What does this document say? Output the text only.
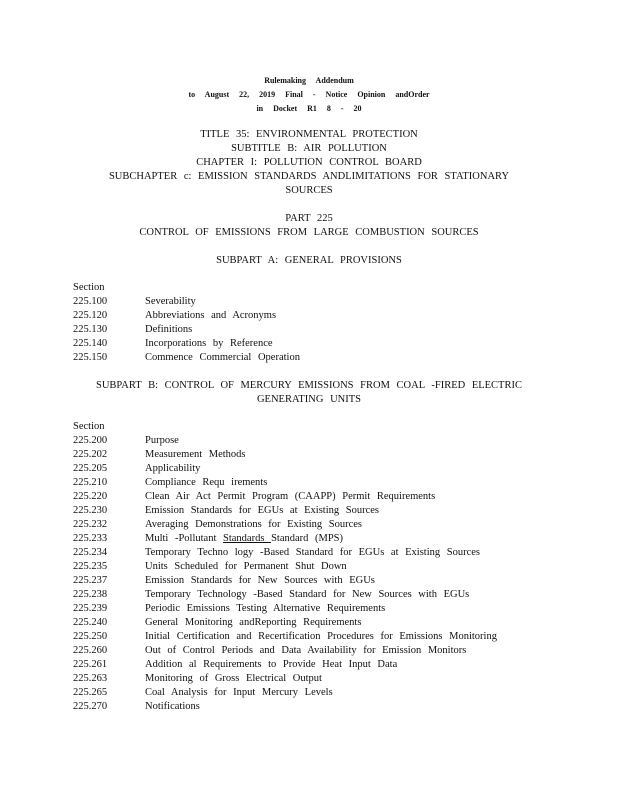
Rulemaking Addendum
to August 22, 2019 Final - Notice Opinion andOrder
in Docket R1 8 - 20
TITLE 35: ENVIRONMENTAL PROTECTION
SUBTITLE B: AIR POLLUTION
CHAPTER I: POLLUTION CONTROL BOARD
SUBCHAPTER c: EMISSION STANDARDS ANDLIMITATIONS FOR STATIONARY
SOURCES
PART 225
CONTROL OF EMISSIONS FROM LARGE COMBUSTION SOURCES
SUBPART A: GENERAL PROVISIONS
Section
225.100	Severability
225.120	Abbreviations and Acronyms
225.130	Definitions
225.140	Incorporations by Reference
225.150	Commence Commercial Operation
SUBPART B: CONTROL OF MERCURY EMISSIONS FROM COAL -FIRED ELECTRIC
GENERATING UNITS
Section
225.200	Purpose
225.202	Measurement Methods
225.205	Applicability
225.210	Compliance Requ irements
225.220	Clean Air Act Permit Program (CAAPP) Permit Requirements
225.230	Emission Standards for EGUs at Existing Sources
225.232	Averaging Demonstrations for Existing Sources
225.233	Multi -Pollutant Standards Standard (MPS)
225.234	Temporary Techno logy -Based Standard for EGUs at Existing Sources
225.235	Units Scheduled for Permanent Shut Down
225.237	Emission Standards for New Sources with EGUs
225.238	Temporary Technology -Based Standard for New Sources with EGUs
225.239	Periodic Emissions Testing Alternative Requirements
225.240	General Monitoring andReporting Requirements
225.250	Initial Certification and Recertification Procedures for Emissions Monitoring
225.260	Out of Control Periods and Data Availability for Emission Monitors
225.261	Addition al Requirements to Provide Heat Input Data
225.263	Monitoring of Gross Electrical Output
225.265	Coal Analysis for Input Mercury Levels
225.270	Notifications
